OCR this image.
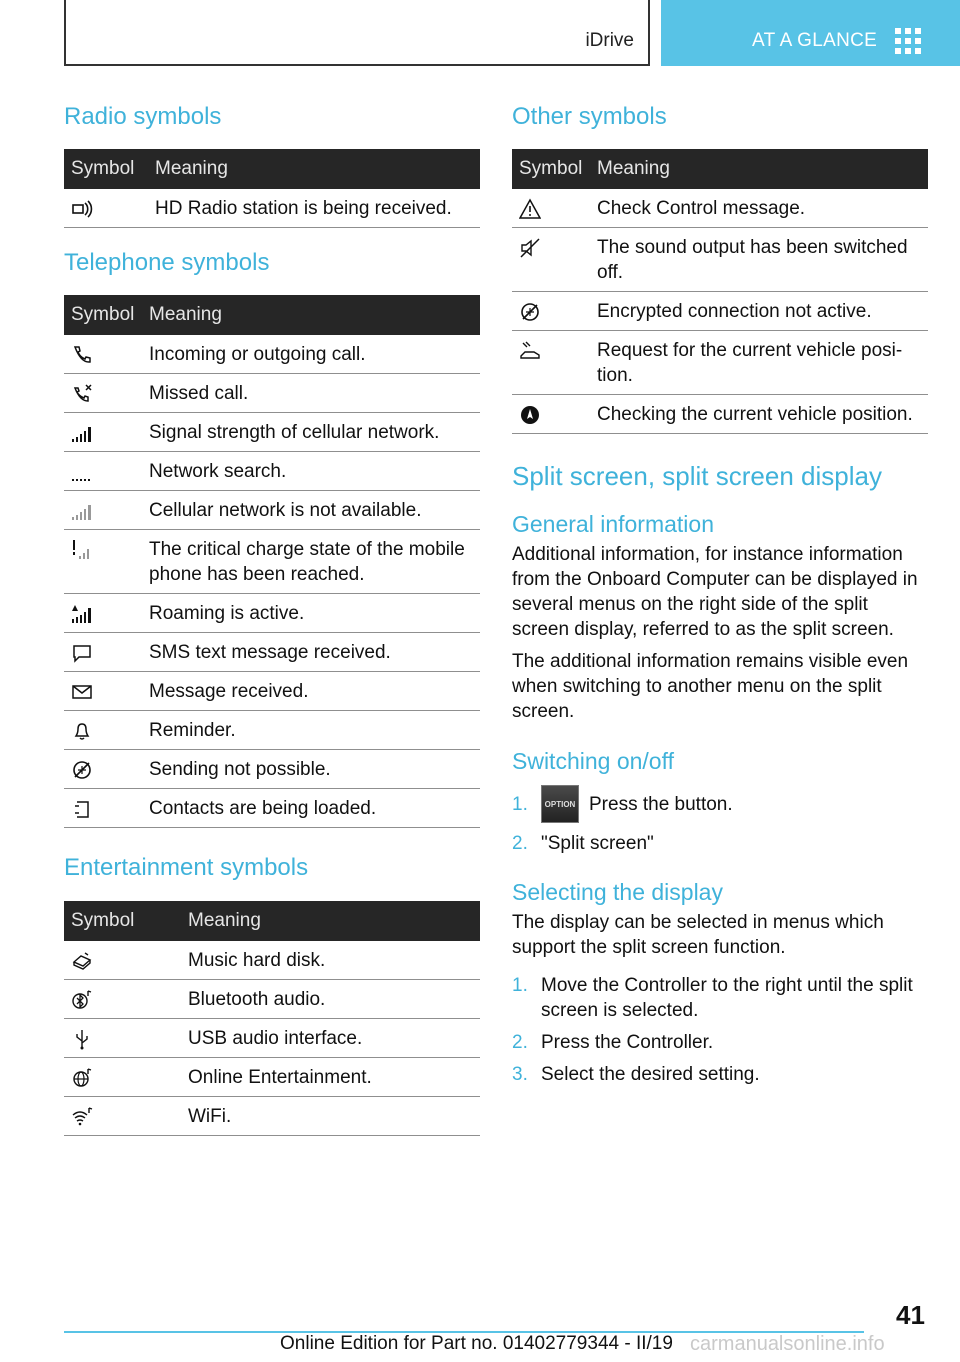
iDrive	AT A GLANCE
Radio symbols
Symbol	Meaning

	HD Radio station is being received.
Telephone symbols
Symbol	Meaning

	Incoming or outgoing call.

	Missed call.

	Signal strength of cellular network.

	Network search.

	Cellular network is not available.

	The critical charge state of the mobile phone has been reached.

	Roaming is active.

	SMS text message received.

	Message received.

	Reminder.

	Sending not possible.

	Contacts are being loaded.
Entertainment symbols
Symbol	Meaning

	Music hard disk.

	Bluetooth audio.

	USB audio interface.

	Online Entertainment.

	WiFi.
Other symbols
Symbol	Meaning

	Check Control message.

	The sound output has been switched off.

	Encrypted connection not active.

	Request for the current vehicle position.

	Checking the current vehicle position.
Split screen, split screen display
General information

Additional information, for instance information from the Onboard Computer can be displayed in several menus on the right side of the split screen display, referred to as the split screen.

The additional information remains visible even when switching to another menu on the split screen.

Switching on/off
1.	OPTION Press the button.
2. "Split screen"
Selecting the display

The display can be selected in menus which support the split screen function.

1. Move the Controller to the right until the split screen is selected.
2. Press the Controller.
3. Select the desired setting.
41
Online Edition for Part no. 01402779344 - II/19 carmanualsonline.info
